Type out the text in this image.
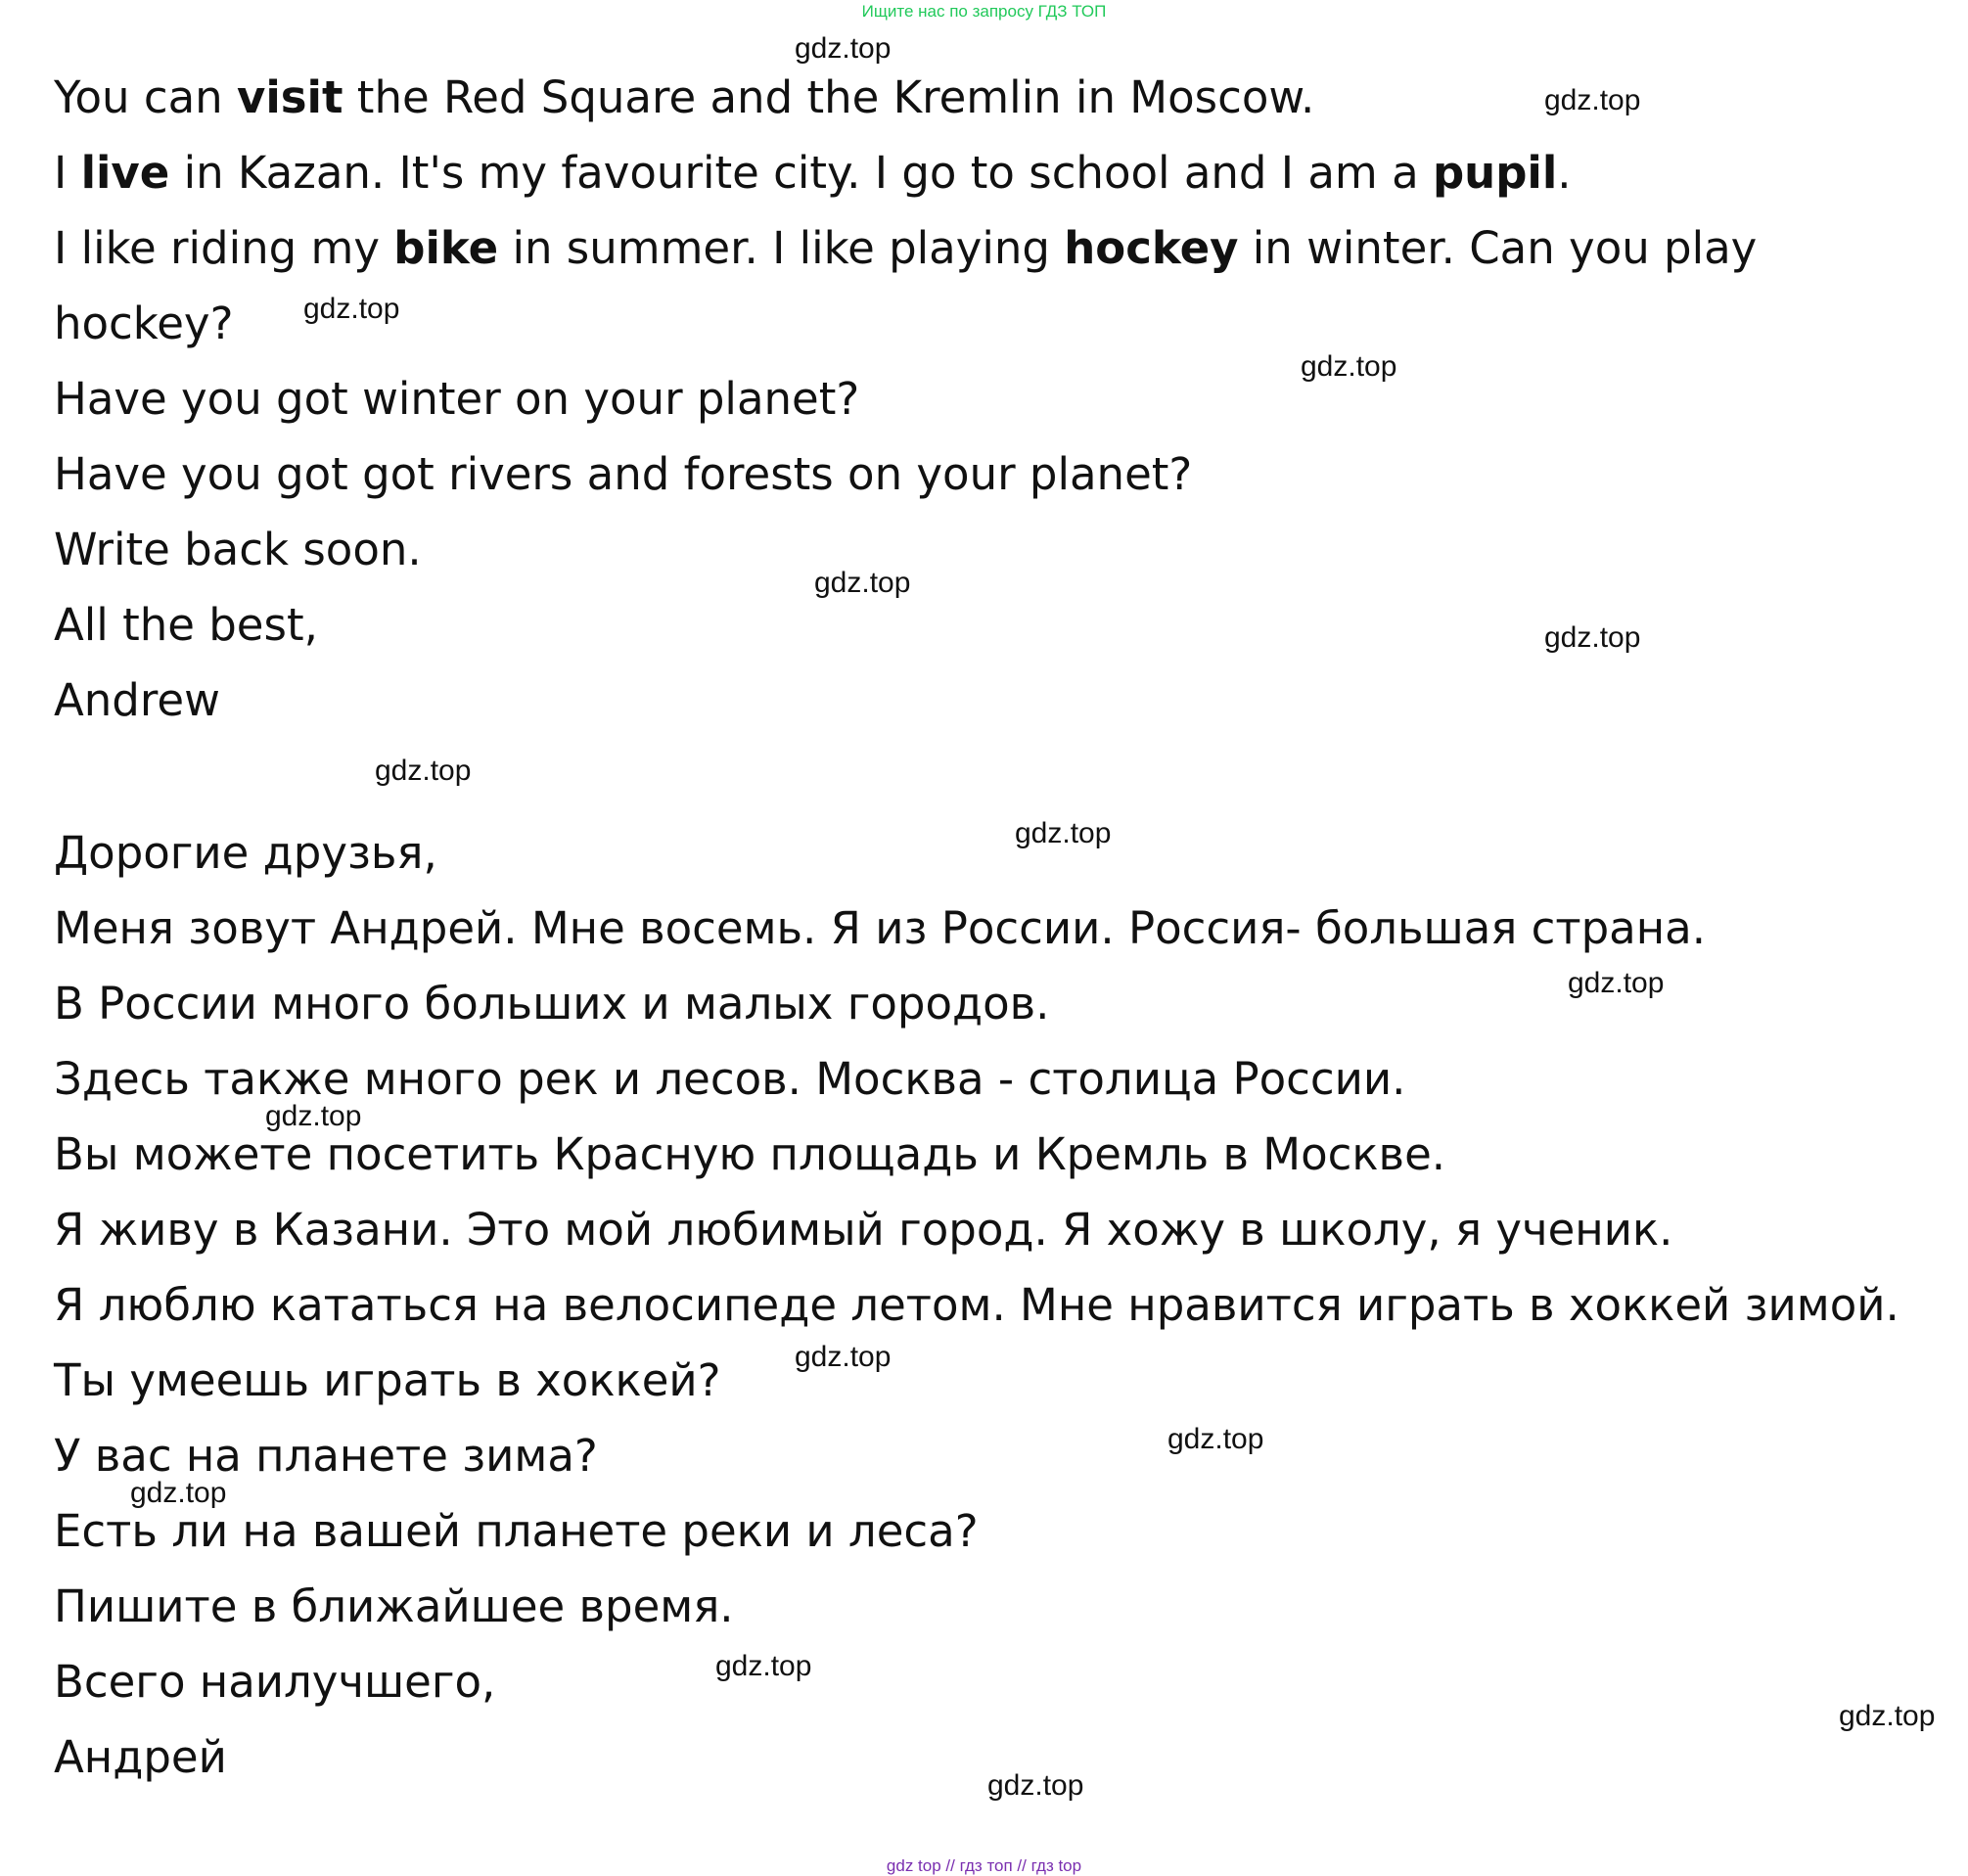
Ищите нас по запросу ГДЗ ТОП
You can visit the Red Square and the Kremlin in Moscow.
I live in Kazan. It's my favourite city. I go to school and I am a pupil.
I like riding my bike in summer. I like playing hockey in winter. Can you play
hockey?
Have you got winter on your planet?
Have you got got rivers and forests on your planet?
Write back soon.
All the best,
Andrew
Дорогие друзья,
Меня зовут Андрей. Мне восемь. Я из России. Россия- большая страна.
В России много больших и малых городов.
Здесь также много рек и лесов. Москва - столица России.
Вы можете посетить Красную площадь и Кремль в Москве.
Я живу в Казани. Это мой любимый город. Я хожу в школу, я ученик.
Я люблю кататься на велосипеде летом. Мне нравится играть в хоккей зимой.
Ты умеешь играть в хоккей?
У вас на планете зима?
Есть ли на вашей планете реки и леса?
Пишите в ближайшее время.
Всего наилучшего,
Андрей
gdz.top
gdz.top
gdz.top
gdz.top
gdz.top
gdz.top
gdz.top
gdz.top
gdz.top
gdz.top
gdz.top
gdz.top
gdz.top
gdz.top
gdz.top
gdz.top
gdz top // гдз топ // гдз top
